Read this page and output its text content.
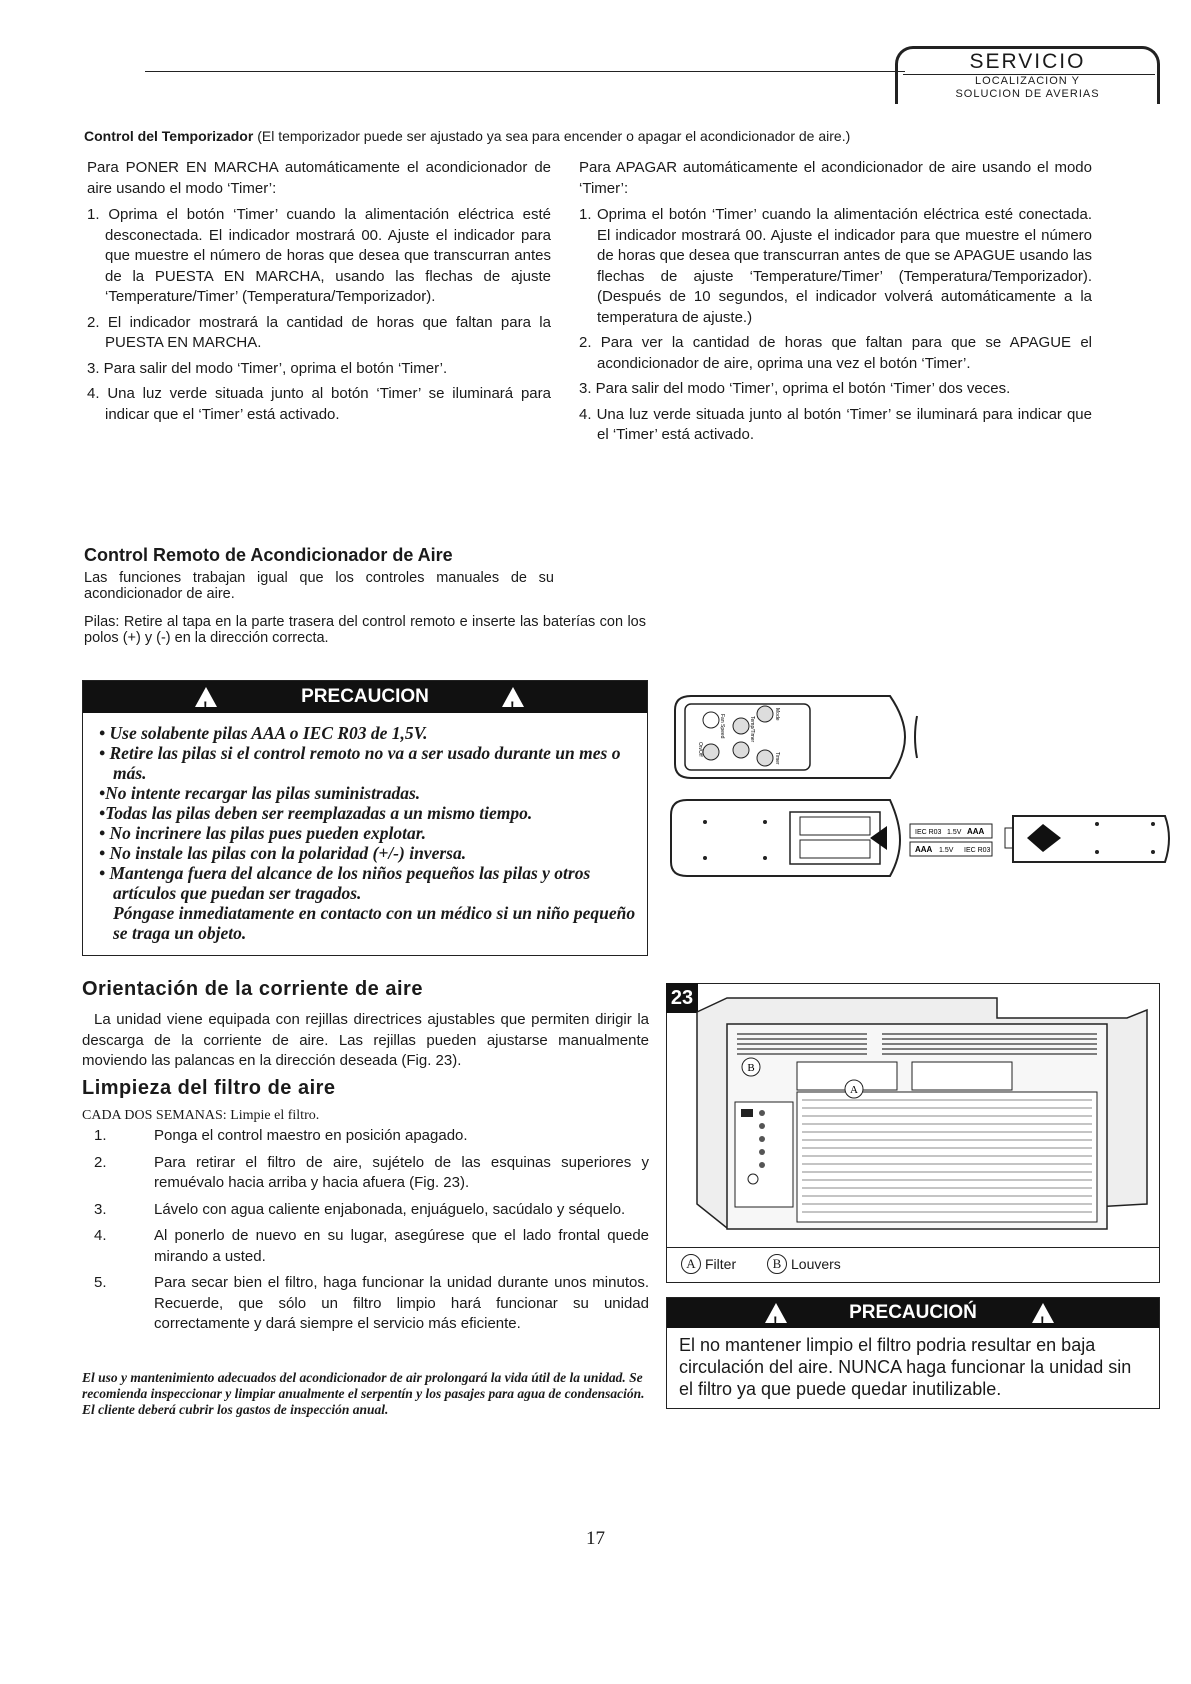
SERVICIO
LOCALIZACION Y
SOLUCION DE AVERIAS
Control del Temporizador (El temporizador puede ser ajustado ya sea para encender o apagar el acondicionador de aire.)

Para PONER EN MARCHA automáticamente el acondicionador de aire usando el modo ‘Timer’:

1. Oprima el botón ‘Timer’ cuando la alimentación eléctrica esté desconectada. El indicador mostrará 00. Ajuste el indicador para que muestre el número de horas que desea que transcurran antes de la PUESTA EN MARCHA, usando las flechas de ajuste ‘Temperature/Timer’ (Temperatura/Temporizador).
2. El indicador mostrará la cantidad de horas que faltan para la PUESTA EN MARCHA.
3. Para salir del modo ‘Timer’, oprima el botón ‘Timer’.
4. Una luz verde situada junto al botón ‘Timer’ se iluminará para indicar que el ‘Timer’ está activado.

Para APAGAR automáticamente el acondicionador de aire usando el modo ‘Timer’:

1. Oprima el botón ‘Timer’ cuando la alimentación eléctrica esté conectada. El indicador mostrará 00. Ajuste el indicador para que muestre el número de horas que desea que transcurran antes de que se APAGUE usando las flechas de ajuste ‘Temperature/Timer’ (Temperatura/Temporizador). (Después de 10 segundos, el indicador volverá automáticamente a la temperatura de ajuste.)
2. Para ver la cantidad de horas que faltan para que se APAGUE el acondicionador de aire, oprima una vez el botón ‘Timer’.
3. Para salir del modo ‘Timer’, oprima el botón ‘Timer’ dos veces.
4. Una luz verde situada junto al botón ‘Timer’ se iluminará para indicar que el ‘Timer’ está activado.
Control Remoto de Acondicionador de Aire
Las funciones trabajan igual que los controles manuales de su acondicionador de aire.
Pilas: Retire al tapa en la parte trasera del control remoto e inserte las baterías con los polos (+) y (-) en la dirección correcta.
!
PRECAUCION
!
• Use solabente pilas AAA o IEC R03 de 1,5V.
• Retire las pilas si el control remoto no va a ser usado durante un mes o más.
•No intente recargar las pilas suministradas.
•Todas las pilas deben ser reemplazadas a un mismo tiempo.
• No incrinere las pilas pues pueden explotar.
• No instale las pilas con la polaridad (+/-) inversa.
• Mantenga fuera del alcance de los niños pequeños las pilas y otros artículos que puedan ser tragados.
Póngase inmediatamente en contacto con un médico si un niño pequeño se traga un objeto.
Fan Speed	Temp/Timer
Mode
On/Off
Timer
IEC R03 1.5V AAA
AAA 1.5V IEC R03
Orientación de la corriente de aire
La unidad viene equipada con rejillas directrices ajustables que permiten dirigir la descarga de la corriente de aire. Las rejillas pueden ajustarse manualmente moviendo las palancas en la dirección deseada (Fig. 23).
Limpieza del filtro de aire
CADA DOS SEMANAS: Limpie el filtro.
1.	Ponga el control maestro en posición apagado.
2.	Para retirar el filtro de aire, sujételo de las esquinas superiores y remuévalo hacia arriba y hacia afuera (Fig. 23).
3.	Lávelo con agua caliente enjabonada, enjuáguelo, sacúdalo y séquelo.
4.	Al ponerlo de nuevo en su lugar, asegúrese que el lado frontal quede mirando a usted.
5.	Para secar bien el filtro, haga funcionar la unidad durante unos minutos. Recuerde, que sólo un filtro limpio hará funcionar su unidad correctamente y dará siempre el servicio más eficiente.
El uso y mantenimiento adecuados del acondicionador de air prolongará la vida útil de la unidad. Se recomienda inspeccionar y limpiar anualmente el serpentín y los pasajes para agua de condensación. El cliente deberá cubrir los gastos de inspección anual.
23
B
A
A Filter	B Louvers
!
PRECAUCIOŃ
!
El no mantener limpio el filtro podria resultar en baja circulación del aire. NUNCA haga funcionar la unidad sin el filtro ya que puede quedar inutilizable.
17
